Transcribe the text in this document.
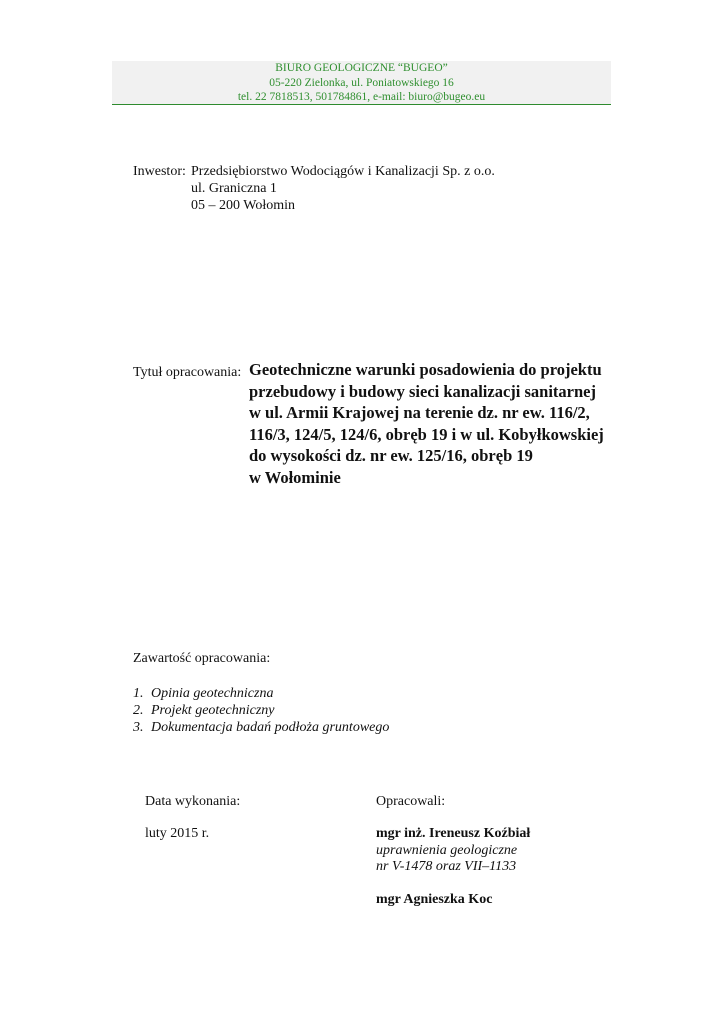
BIURO GEOLOGICZNE “BUGEO”
05-220 Zielonka, ul. Poniatowskiego 16
tel. 22 7818513, 501784861, e-mail: biuro@bugeo.eu
Inwestor: Przedsiębiorstwo Wodociągów i Kanalizacji Sp. z o.o.
ul. Graniczna 1
05 – 200 Wołomin
Tytuł opracowania: Geotechniczne warunki posadowienia do projektu
przebudowy i budowy sieci kanalizacji sanitarnej
w ul. Armii Krajowej na terenie dz. nr ew. 116/2,
116/3, 124/5, 124/6, obręb 19 i w ul. Kobyłkowskiej
do wysokości dz. nr ew. 125/16, obręb 19
w Wołominie
Zawartość opracowania:
1. Opinia geotechniczna
2. Projekt geotechniczny
3. Dokumentacja badań podłoża gruntowego
Data wykonania:
luty 2015 r.
Opracowali:
mgr inż. Ireneusz Koźbiał
uprawnienia geologiczne
nr V-1478 oraz VII–1133
mgr Agnieszka Koc
